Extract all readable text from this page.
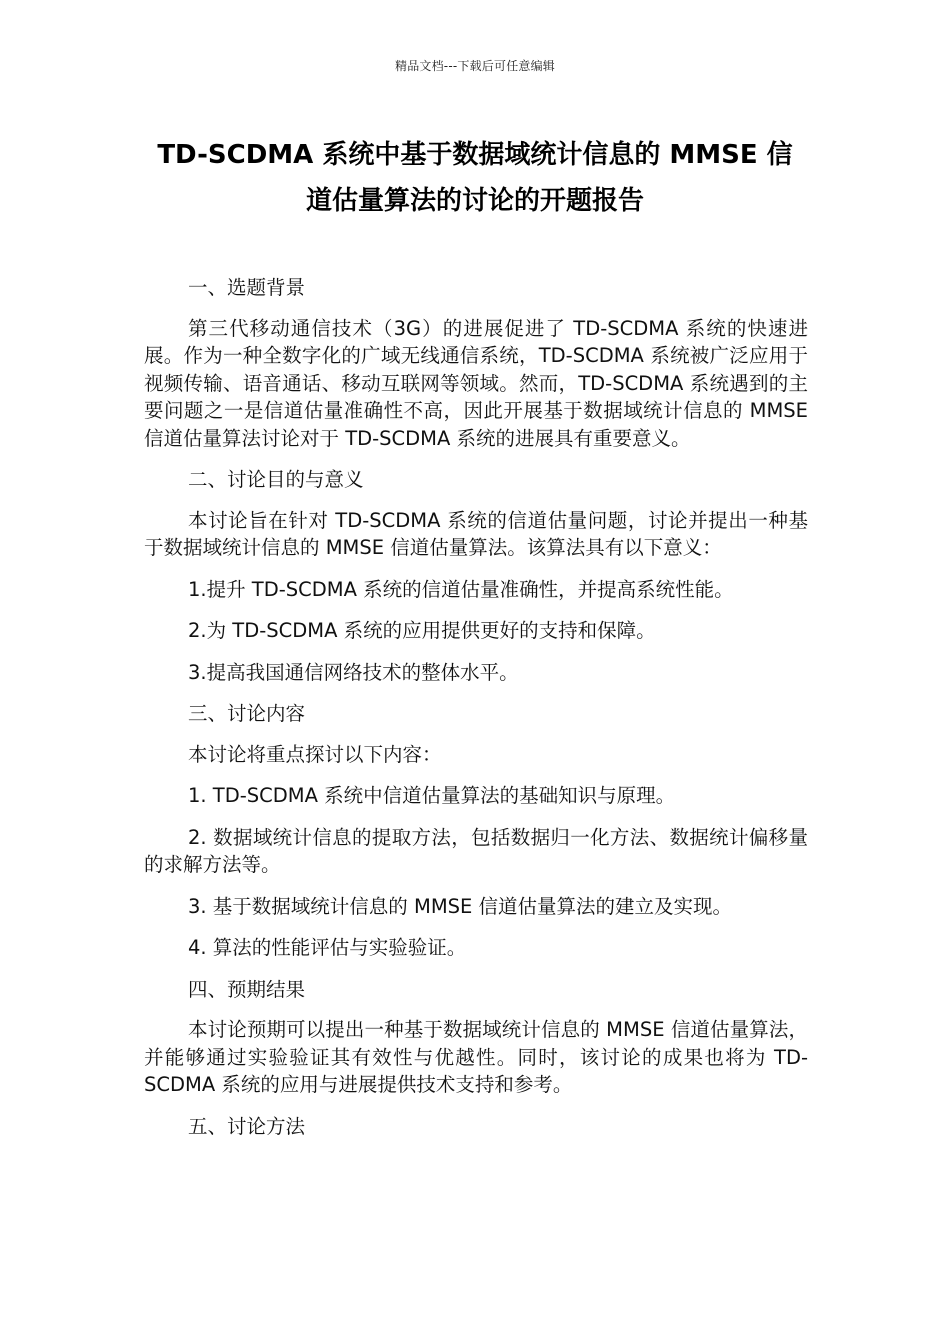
精品文档---下载后可任意编辑
TD-SCDMA 系统中基于数据域统计信息的 MMSE 信
道估量算法的讨论的开题报告

一、选题背景

第三代移动通信技术（3G）的进展促进了 TD-SCDMA 系统的快速进展。作为一种全数字化的广域无线通信系统，TD-SCDMA 系统被广泛应用于视频传输、语音通话、移动互联网等领域。然而，TD-SCDMA 系统遇到的主要问题之一是信道估量准确性不高，因此开展基于数据域统计信息的 MMSE 信道估量算法讨论对于 TD-SCDMA 系统的进展具有重要意义。

二、讨论目的与意义

本讨论旨在针对 TD-SCDMA 系统的信道估量问题，讨论并提出一种基于数据域统计信息的 MMSE 信道估量算法。该算法具有以下意义：

1.提升 TD-SCDMA 系统的信道估量准确性，并提高系统性能。

2.为 TD-SCDMA 系统的应用提供更好的支持和保障。

3.提高我国通信网络技术的整体水平。

三、讨论内容

本讨论将重点探讨以下内容：

1. TD-SCDMA 系统中信道估量算法的基础知识与原理。

2. 数据域统计信息的提取方法，包括数据归一化方法、数据统计偏移量的求解方法等。

3. 基于数据域统计信息的 MMSE 信道估量算法的建立及实现。

4. 算法的性能评估与实验验证。

四、预期结果

本讨论预期可以提出一种基于数据域统计信息的 MMSE 信道估量算法，并能够通过实验验证其有效性与优越性。同时，该讨论的成果也将为 TD-SCDMA 系统的应用与进展提供技术支持和参考。

五、讨论方法
